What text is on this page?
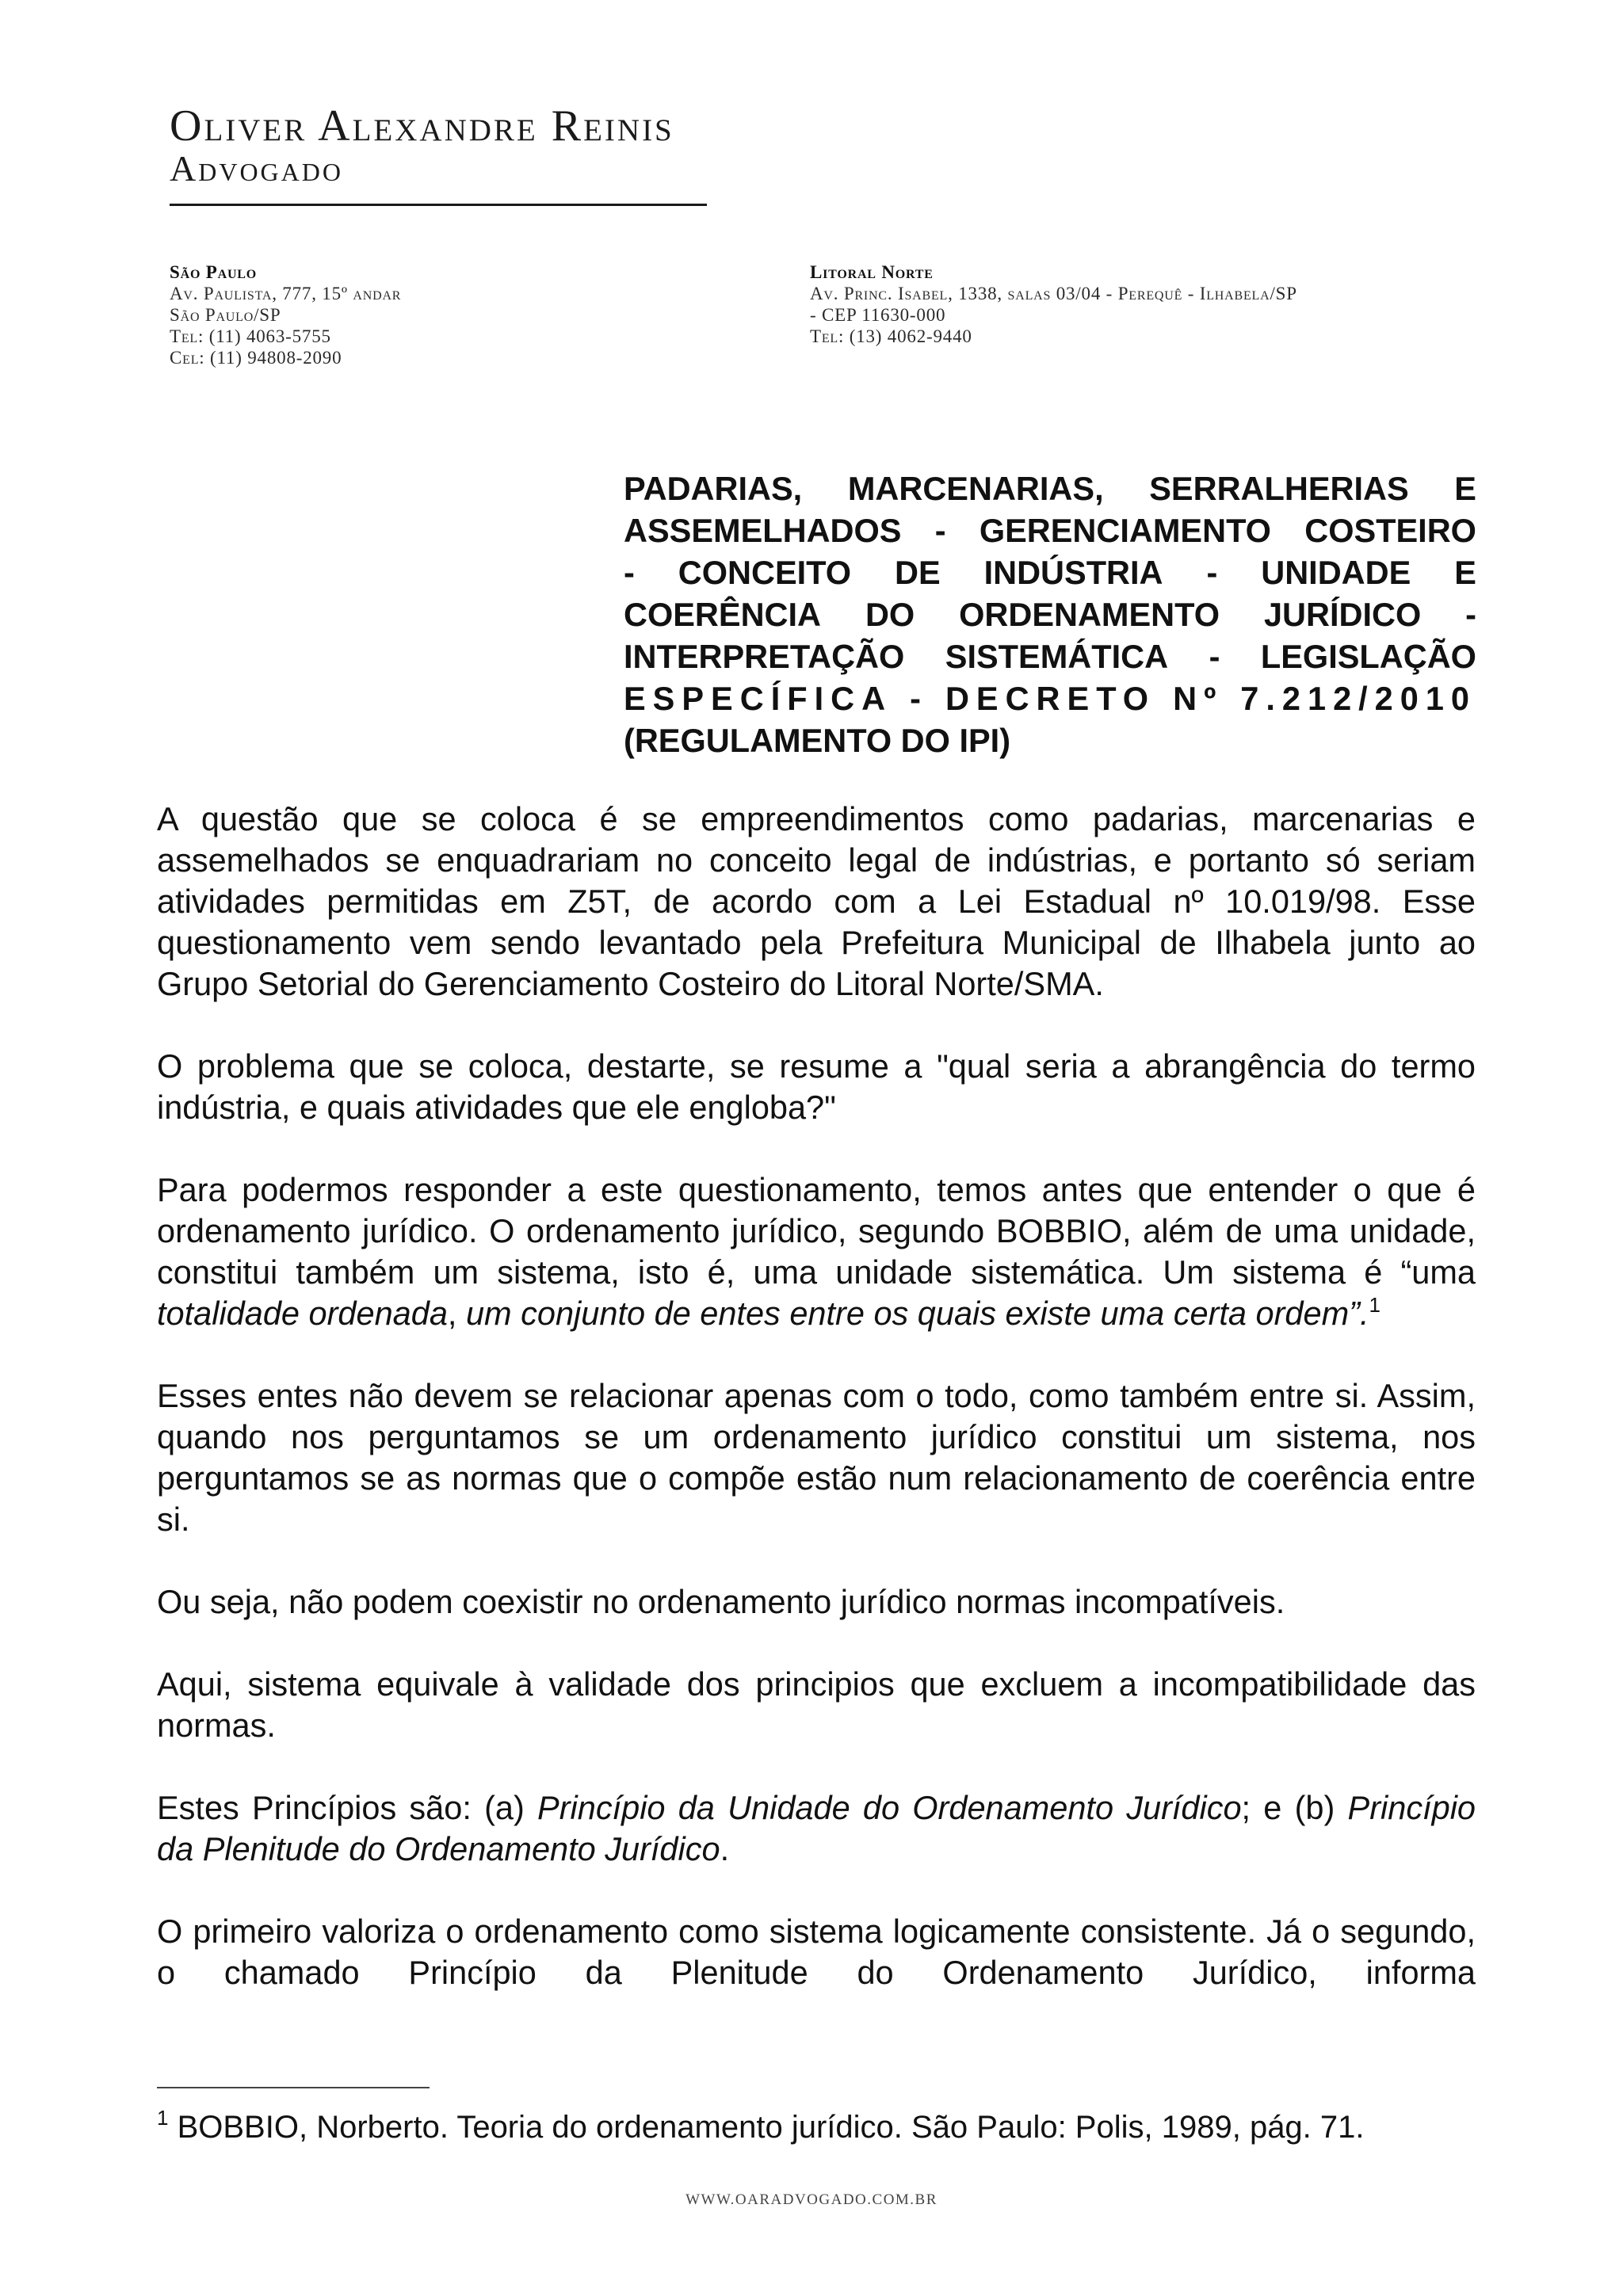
Oliver Alexandre Reinis
Advogado
São Paulo
Av. Paulista, 777, 15º andar
São Paulo/SP
Tel: (11) 4063-5755
Cel: (11) 94808-2090
Litoral Norte
Av. Princ. Isabel, 1338, salas 03/04 - Perequê - Ilhabela/SP
- CEP 11630-000
Tel: (13) 4062-9440
PADARIAS, MARCENARIAS, SERRALHERIAS E
ASSEMELHADOS - GERENCIAMENTO COSTEIRO
- CONCEITO DE INDÚSTRIA - UNIDADE E
COERÊNCIA DO ORDENAMENTO JURÍDICO -
INTERPRETAÇÃO SISTEMÁTICA - LEGISLAÇÃO
ESPECÍFICA - DECRETO Nº 7.212/2010
(REGULAMENTO DO IPI)

A questão que se coloca é se empreendimentos como padarias, marcenarias e assemelhados se enquadrariam no conceito legal de indústrias, e portanto só seriam atividades permitidas em Z5T, de acordo com a Lei Estadual nº 10.019/98. Esse questionamento vem sendo levantado pela Prefeitura Municipal de Ilhabela junto ao Grupo Setorial do Gerenciamento Costeiro do Litoral Norte/SMA.

O problema que se coloca, destarte, se resume a "qual seria a abrangência do termo indústria, e quais atividades que ele engloba?"

Para podermos responder a este questionamento, temos antes que entender o que é ordenamento jurídico. O ordenamento jurídico, segundo BOBBIO, além de uma unidade, constitui também um sistema, isto é, uma unidade sistemática. Um sistema é “uma totalidade ordenada, um conjunto de entes entre os quais existe uma certa ordem”.$^1$

Esses entes não devem se relacionar apenas com o todo, como também entre si. Assim, quando nos perguntamos se um ordenamento jurídico constitui um sistema, nos perguntamos se as normas que o compõe estão num relacionamento de coerência entre si.

Ou seja, não podem coexistir no ordenamento jurídico normas incompatíveis.

Aqui, sistema equivale à validade dos principios que excluem a incompatibilidade das normas.

Estes Princípios são: (a) Princípio da Unidade do Ordenamento Jurídico; e (b) Princípio da Plenitude do Ordenamento Jurídico.

O primeiro valoriza o ordenamento como sistema logicamente consistente. Já o segundo, o chamado Princípio da Plenitude do Ordenamento Jurídico, informa

$^1$ BOBBIO, Norberto. Teoria do ordenamento jurídico. São Paulo: Polis, 1989, pág. 71.
WWW.OARADVOGADO.COM.BR
